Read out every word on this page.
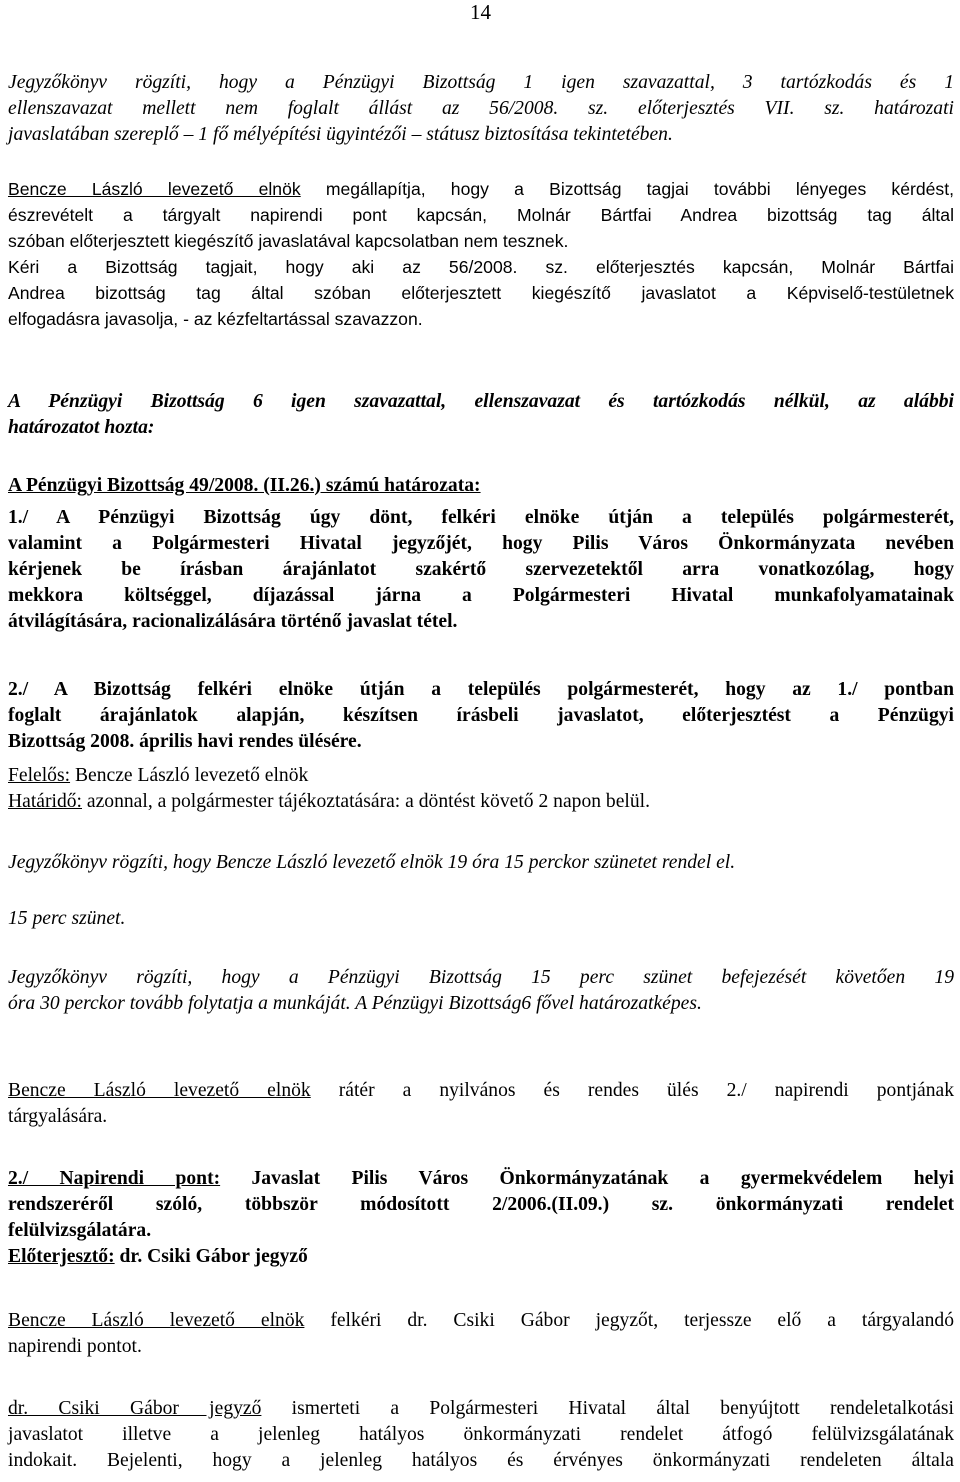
14
Jegyzőkönyv rögzíti, hogy a Pénzügyi Bizottság 1 igen szavazattal, 3 tartózkodás és 1
ellenszavazat mellett nem foglalt állást az 56/2008. sz. előterjesztés VII. sz. határozati
javaslatában szereplő – 1 fő mélyépítési ügyintézői – státusz biztosítása tekintetében.
Bencze László levezető elnök megállapítja, hogy a Bizottság tagjai további lényeges kérdést,
észrevételt a tárgyalt napirendi pont kapcsán, Molnár Bártfai Andrea bizottság tag által
szóban előterjesztett kiegészítő javaslatával kapcsolatban nem tesznek.
Kéri a Bizottság tagjait, hogy aki az 56/2008. sz. előterjesztés kapcsán, Molnár Bártfai
Andrea bizottság tag által szóban előterjesztett kiegészítő javaslatot a Képviselő-testületnek
elfogadásra javasolja, - az kézfeltartással szavazzon.
A Pénzügyi Bizottság 6 igen szavazattal, ellenszavazat és tartózkodás nélkül, az alábbi
határozatot hozta:
A Pénzügyi Bizottság 49/2008. (II.26.) számú határozata:
1./ A Pénzügyi Bizottság úgy dönt, felkéri elnöke útján a település polgármesterét,
valamint a Polgármesteri Hivatal jegyzőjét, hogy Pilis Város Önkormányzata nevében
kérjenek be írásban árajánlatot szakértő szervezetektől arra vonatkozólag, hogy
mekkora költséggel, díjazással járna a Polgármesteri Hivatal munkafolyamatainak
átvilágítására, racionalizálására történő javaslat tétel.
2./ A Bizottság felkéri elnöke útján a település polgármesterét, hogy az 1./ pontban
foglalt árajánlatok alapján, készítsen írásbeli javaslatot, előterjesztést a Pénzügyi
Bizottság 2008. április havi rendes ülésére.
Felelős: Bencze László levezető elnök
Határidő: azonnal, a polgármester tájékoztatására: a döntést követő 2 napon belül.
Jegyzőkönyv rögzíti, hogy Bencze László levezető elnök 19 óra 15 perckor szünetet rendel el.
15 perc szünet.
Jegyzőkönyv rögzíti, hogy a Pénzügyi Bizottság 15 perc szünet befejezését követően 19
óra 30 perckor tovább folytatja a munkáját. A Pénzügyi Bizottság6 fővel határozatképes.
Bencze László levezető elnök rátér a nyilvános és rendes ülés 2./ napirendi pontjának
tárgyalására.
2./ Napirendi pont: Javaslat Pilis Város Önkormányzatának a gyermekvédelem helyi
rendszeréről szóló, többször módosított 2/2006.(II.09.) sz. önkormányzati rendelet
felülvizsgálatára.
Előterjesztő: dr. Csiki Gábor jegyző
Bencze László levezető elnök felkéri dr. Csiki Gábor jegyzőt, terjessze elő a tárgyalandó
napirendi pontot.
dr. Csiki Gábor jegyző ismerteti a Polgármesteri Hivatal által benyújtott rendeletalkotási
javaslatot illetve a jelenleg hatályos önkormányzati rendelet átfogó felülvizsgálatának
indokait. Bejelenti, hogy a jelenleg hatályos és érvényes önkormányzati rendeleten általa
